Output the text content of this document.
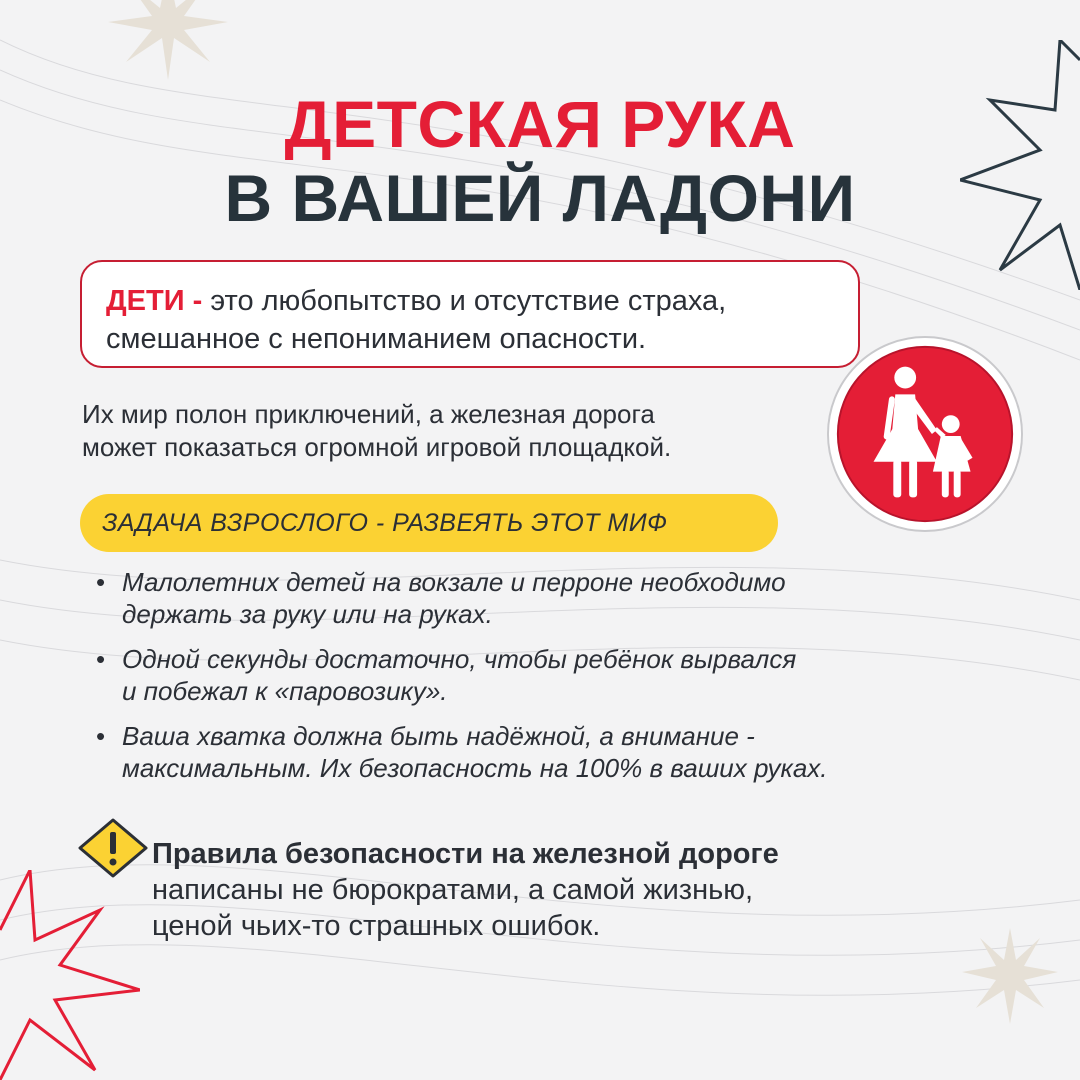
ДЕТСКАЯ РУКА
В ВАШЕЙ ЛАДОНИ
ДЕТИ - это любопытство и отсутствие страха,
смешанное с непониманием опасности.
Их мир полон приключений, а железная дорога
может показаться огромной игровой площадкой.
ЗАДАЧА ВЗРОСЛОГО - РАЗВЕЯТЬ ЭТОТ МИФ
• Малолетних детей на вокзале и перроне необходимо
держать за руку или на руках.
• Одной секунды достаточно, чтобы ребёнок вырвался
и побежал к «паровозику».
• Ваша хватка должна быть надёжной, а внимание -
максимальным. Их безопасность на 100% в ваших руках.
Правила безопасности на железной дороге
написаны не бюрократами, а самой жизнью,
ценой чьих-то страшных ошибок.
